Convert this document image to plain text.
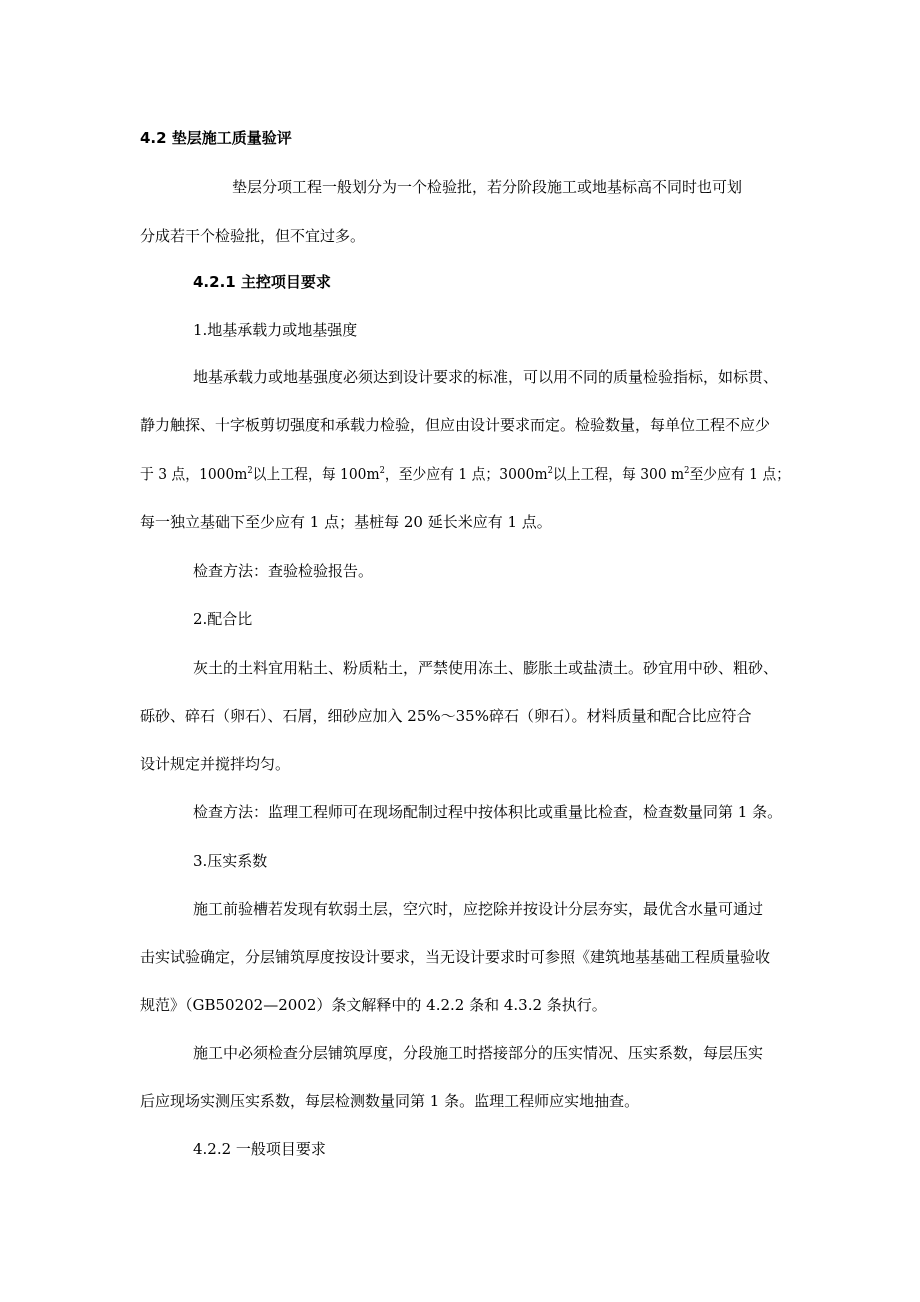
4.2 垫层施工质量验评
垫层分项工程一般划分为一个检验批，若分阶段施工或地基标高不同时也可划
分成若干个检验批，但不宜过多。
4.2.1 主控项目要求
1.地基承载力或地基强度
地基承载力或地基强度必须达到设计要求的标准，可以用不同的质量检验指标，如标贯、
静力触探、十字板剪切强度和承载力检验，但应由设计要求而定。检验数量，每单位工程不应少
于 3 点，$1000m^2$以上工程，每 $100m^2$，至少应有 1 点；$3000m^2$以上工程，每 300 $m^2$至少应有 1 点；
每一独立基础下至少应有 1 点；基桩每 20 延长米应有 1 点。
检查方法：查验检验报告。
2.配合比
灰土的土料宜用粘土、粉质粘土，严禁使用冻土、膨胀土或盐渍土。砂宜用中砂、粗砂、
砾砂、碎石（卵石）、石屑，细砂应加入 25%～35%碎石（卵石）。材料质量和配合比应符合
设计规定并搅拌均匀。
检查方法：监理工程师可在现场配制过程中按体积比或重量比检查，检查数量同第 1 条。
3.压实系数
施工前验槽若发现有软弱土层，空穴时，应挖除并按设计分层夯实，最优含水量可通过
击实试验确定，分层铺筑厚度按设计要求，当无设计要求时可参照《建筑地基基础工程质量验收
规范》（GB50202—2002）条文解释中的 4.2.2 条和 4.3.2 条执行。
施工中必须检查分层铺筑厚度，分段施工时搭接部分的压实情况、压实系数，每层压实
后应现场实测压实系数，每层检测数量同第 1 条。监理工程师应实地抽查。
4.2.2 一般项目要求
